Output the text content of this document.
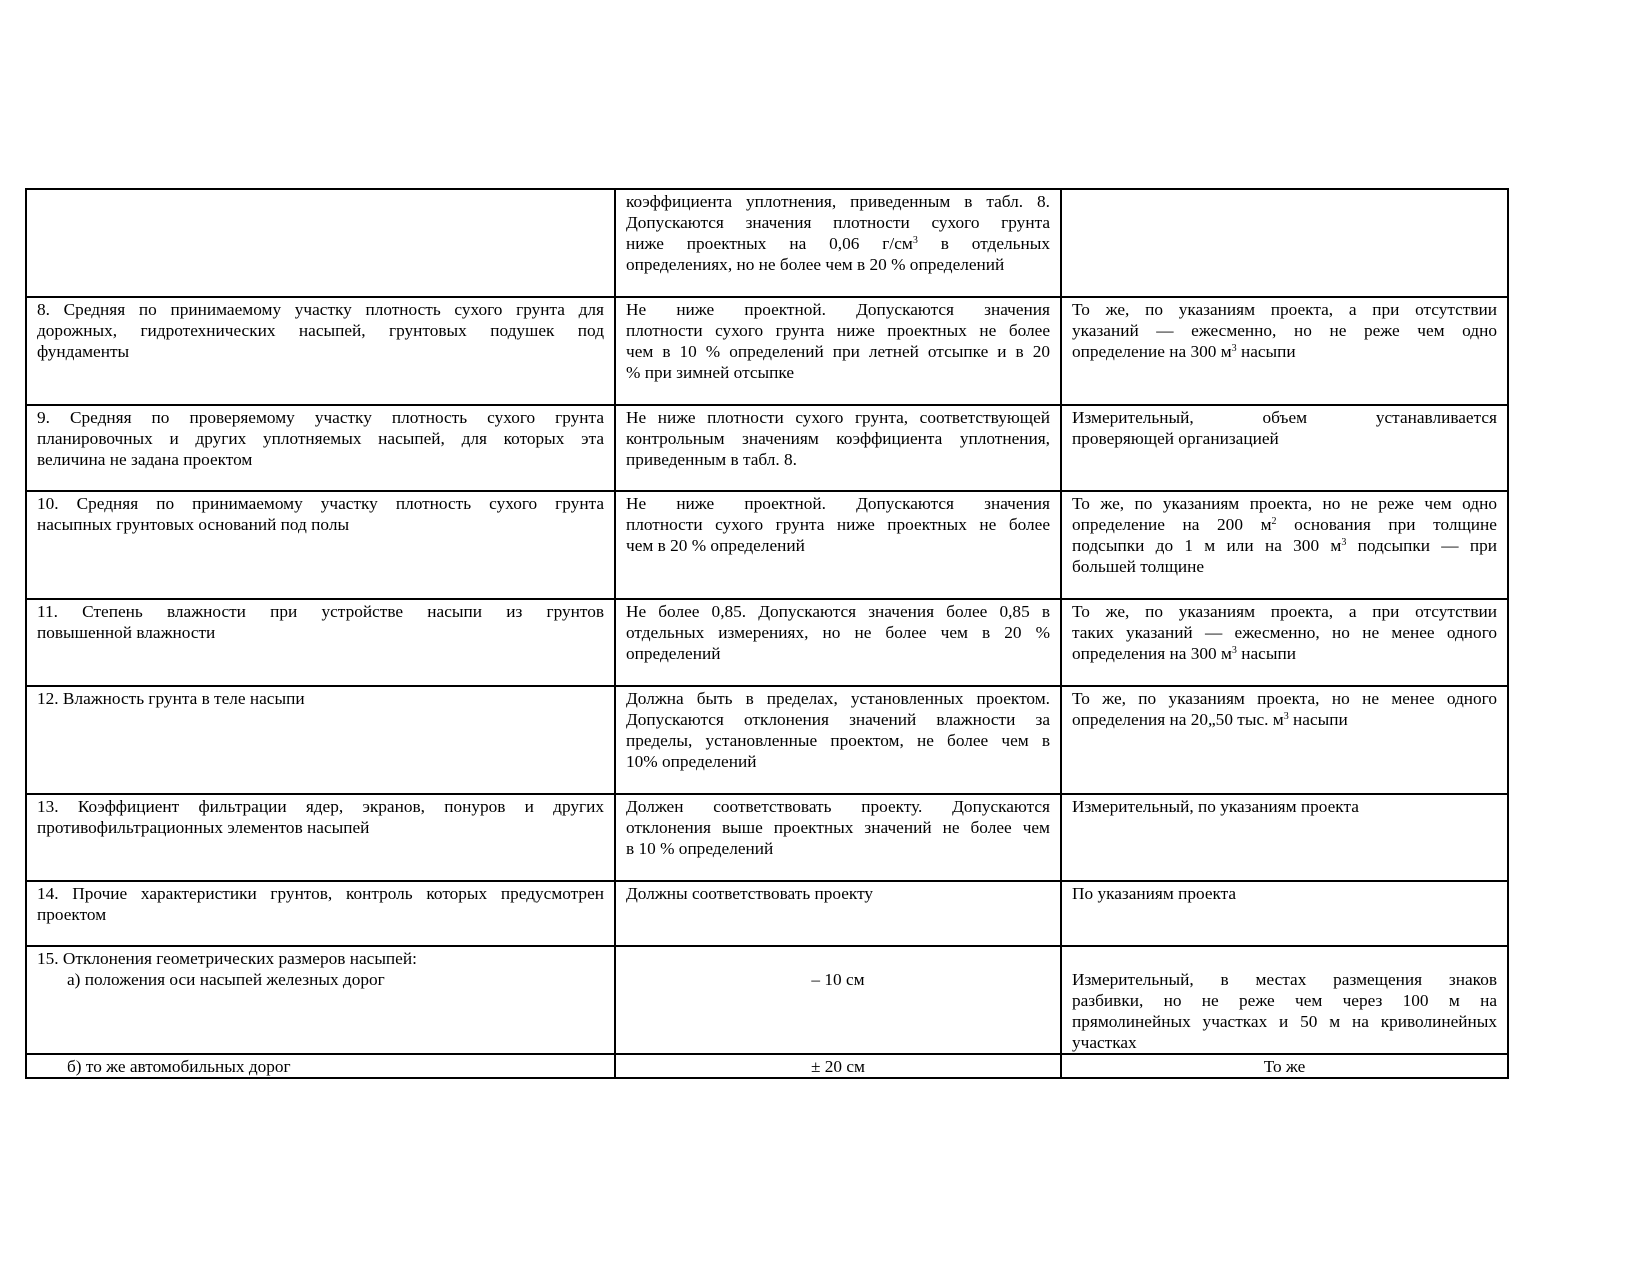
	коэффициента уплотнения, приведенным в табл. 8.
Допускаются значения плотности сухого грунта
ниже проектных на 0,06 $г/см^3$ в отдельных
определениях, но не более чем в 20 % определений	

8. Средняя по принимаемому участку плотность сухого грунта для
дорожных, гидротехнических насыпей, грунтовых подушек под
фундаменты	Не ниже проектной. Допускаются значения
плотности сухого грунта ниже проектных не более
чем в 10 % определений при летней отсыпке и в 20
% при зимней отсыпке	То же, по указаниям проекта, а при отсутствии
указаний — ежесменно, но не реже чем одно
определение на 300 $м^3$ насыпи

9. Средняя по проверяемому участку плотность сухого грунта
планировочных и других уплотняемых насыпей, для которых эта
величина не задана проектом	Не ниже плотности сухого грунта, соответствующей
контрольным значениям коэффициента уплотнения,
приведенным в табл. 8.	Измерительный, объем устанавливается
проверяющей организацией

10. Средняя по принимаемому участку плотность сухого грунта
насыпных грунтовых оснований под полы	Не ниже проектной. Допускаются значения
плотности сухого грунта ниже проектных не более
чем в 20 % определений	То же, по указаниям проекта, но не реже чем одно
определение на 200 $м^2$ основания при толщине
подсыпки до 1 м или на 300 $м^3$ подсыпки — при
большей толщине

11. Степень влажности при устройстве насыпи из грунтов
повышенной влажности	Не более 0,85. Допускаются значения более 0,85 в
отдельных измерениях, но не более чем в 20 %
определений	То же, по указаниям проекта, а при отсутствии
таких указаний — ежесменно, но не менее одного
определения на 300 $м^3$ насыпи

12. Влажность грунта в теле насыпи	Должна быть в пределах, установленных проектом.
Допускаются отклонения значений влажности за
пределы, установленные проектом, не более чем в
10% определений	То же, по указаниям проекта, но не менее одного
определения на 20„50 тыс. $м^3$ насыпи

13. Коэффициент фильтрации ядер, экранов, понуров и других
противофильтрационных элементов насыпей	Должен соответствовать проекту. Допускаются
отклонения выше проектных значений не более чем
в 10 % определений	Измерительный, по указаниям проекта

14. Прочие характеристики грунтов, контроль которых предусмотрен
проектом	Должны соответствовать проекту	По указаниям проекта

15. Отклонения геометрических размеров насыпей:
а) положения оси насыпей железных дорог	– 10 см	Измерительный, в местах размещения знаков
разбивки, но не реже чем через 100 м на
прямолинейных участках и 50 м на криволинейных
участках

б) то же автомобильных дорог	± 20 см	То же
